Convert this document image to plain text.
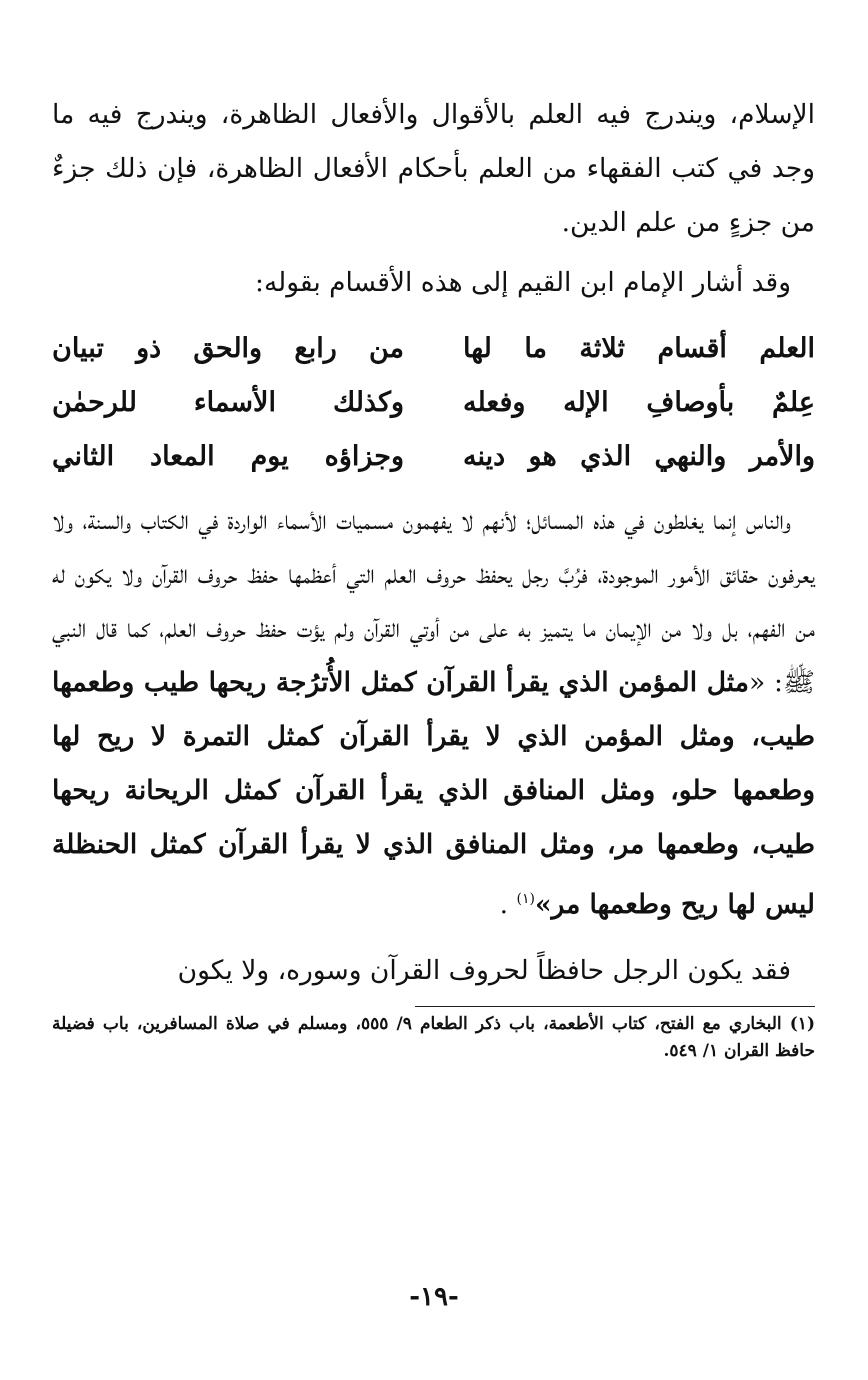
الإسلام، ويندرج فيه العلم بالأقوال والأفعال الظاهرة، ويندرج فيه ما وجد في كتب الفقهاء من العلم بأحكام الأفعال الظاهرة، فإن ذلك جزءٌ من جزءٍ من علم الدين.

وقد أشار الإمام ابن القيم إلى هذه الأقسام بقوله:

العلم أقسام ثلاثة ما لها
من رابع والحق ذو تبيان
عِلمٌ بأوصافِ الإله وفعله
وكذلك الأسماء للرحمٰن
والأمر والنهي الذي هو دينه
وجزاؤه يوم المعاد الثاني

والناس إنما يغلطون في هذه المسائل؛ لأنهم لا يفهمون مسميات الأسماء الواردة في الكتاب والسنة، ولا يعرفون حقائق الأمور الموجودة، فرُبَّ رجل يحفظ حروف العلم التي أعظمها حفظ حروف القرآن ولا يكون له من الفهم، بل ولا من الإيمان ما يتميز به على من أوتي القرآن ولم يؤت حفظ حروف العلم، كما قال النبي ﷺ: «مثل المؤمن الذي يقرأ القرآن كمثل الأُترُجة ريحها طيب وطعمها طيب، ومثل المؤمن الذي لا يقرأ القرآن كمثل التمرة لا ريح لها وطعمها حلو، ومثل المنافق الذي يقرأ القرآن كمثل الريحانة ريحها طيب، وطعمها مر، ومثل المنافق الذي لا يقرأ القرآن كمثل الحنظلة ليس لها ريح وطعمها مر»$^{(١)}$ .

فقد يكون الرجل حافظاً لحروف القرآن وسوره، ولا يكون

(١) البخاري مع الفتح، كتاب الأطعمة، باب ذكر الطعام ٩/ ٥٥٥، ومسلم في صلاة المسافرين، باب فضيلة حافظ القران ١/ ٥٤٩.

-١٩-
